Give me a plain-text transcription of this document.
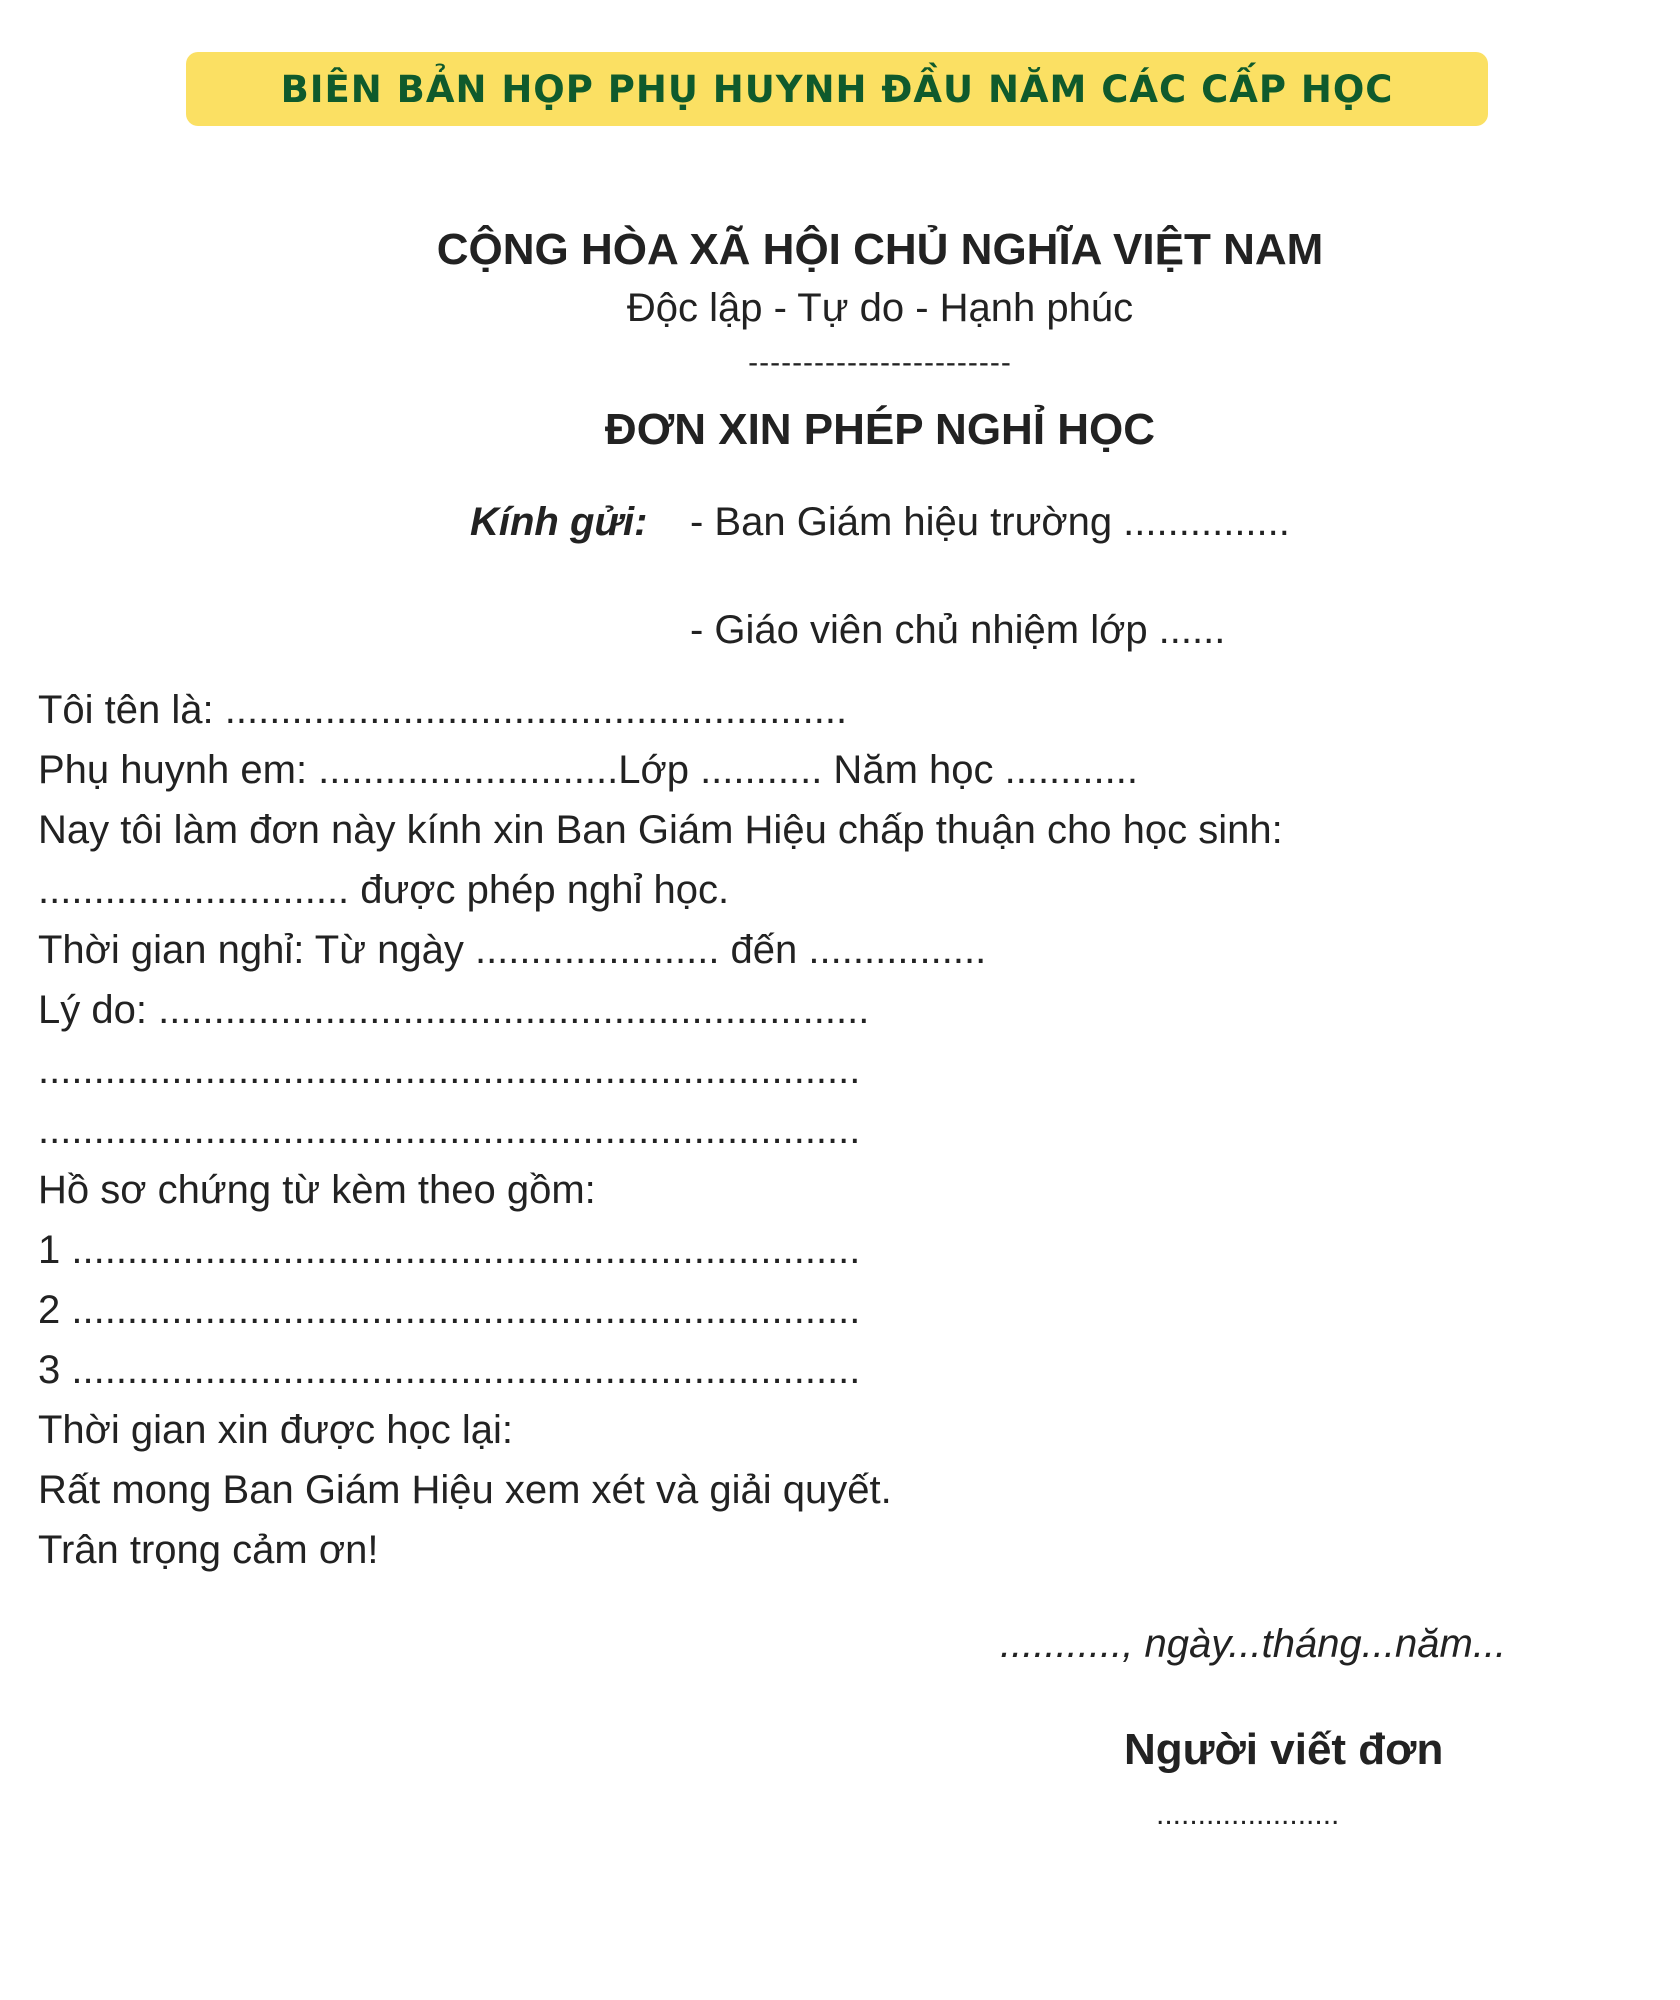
BIÊN BẢN HỌP PHỤ HUYNH ĐẦU NĂM CÁC CẤP HỌC
CỘNG HÒA XÃ HỘI CHỦ NGHĨA VIỆT NAM
Độc lập - Tự do - Hạnh phúc
------------------------
ĐƠN XIN PHÉP NGHỈ HỌC
Kính gửi: - Ban Giám hiệu trường ...............
- Giáo viên chủ nhiệm lớp ......
Tôi tên là: ........................................................
Phụ huynh em: ...........................Lớp ........... Năm học ............
Nay tôi làm đơn này kính xin Ban Giám Hiệu chấp thuận cho học sinh:
............................ được phép nghỉ học.
Thời gian nghỉ: Từ ngày ...................... đến ................
Lý do: ................................................................
..........................................................................
..........................................................................
Hồ sơ chứng từ kèm theo gồm:
1 .......................................................................
2 .......................................................................
3 .......................................................................
Thời gian xin được học lại:
Rất mong Ban Giám Hiệu xem xét và giải quyết.
Trân trọng cảm ơn!
..........., ngày...tháng...năm...
Người viết đơn
......................
